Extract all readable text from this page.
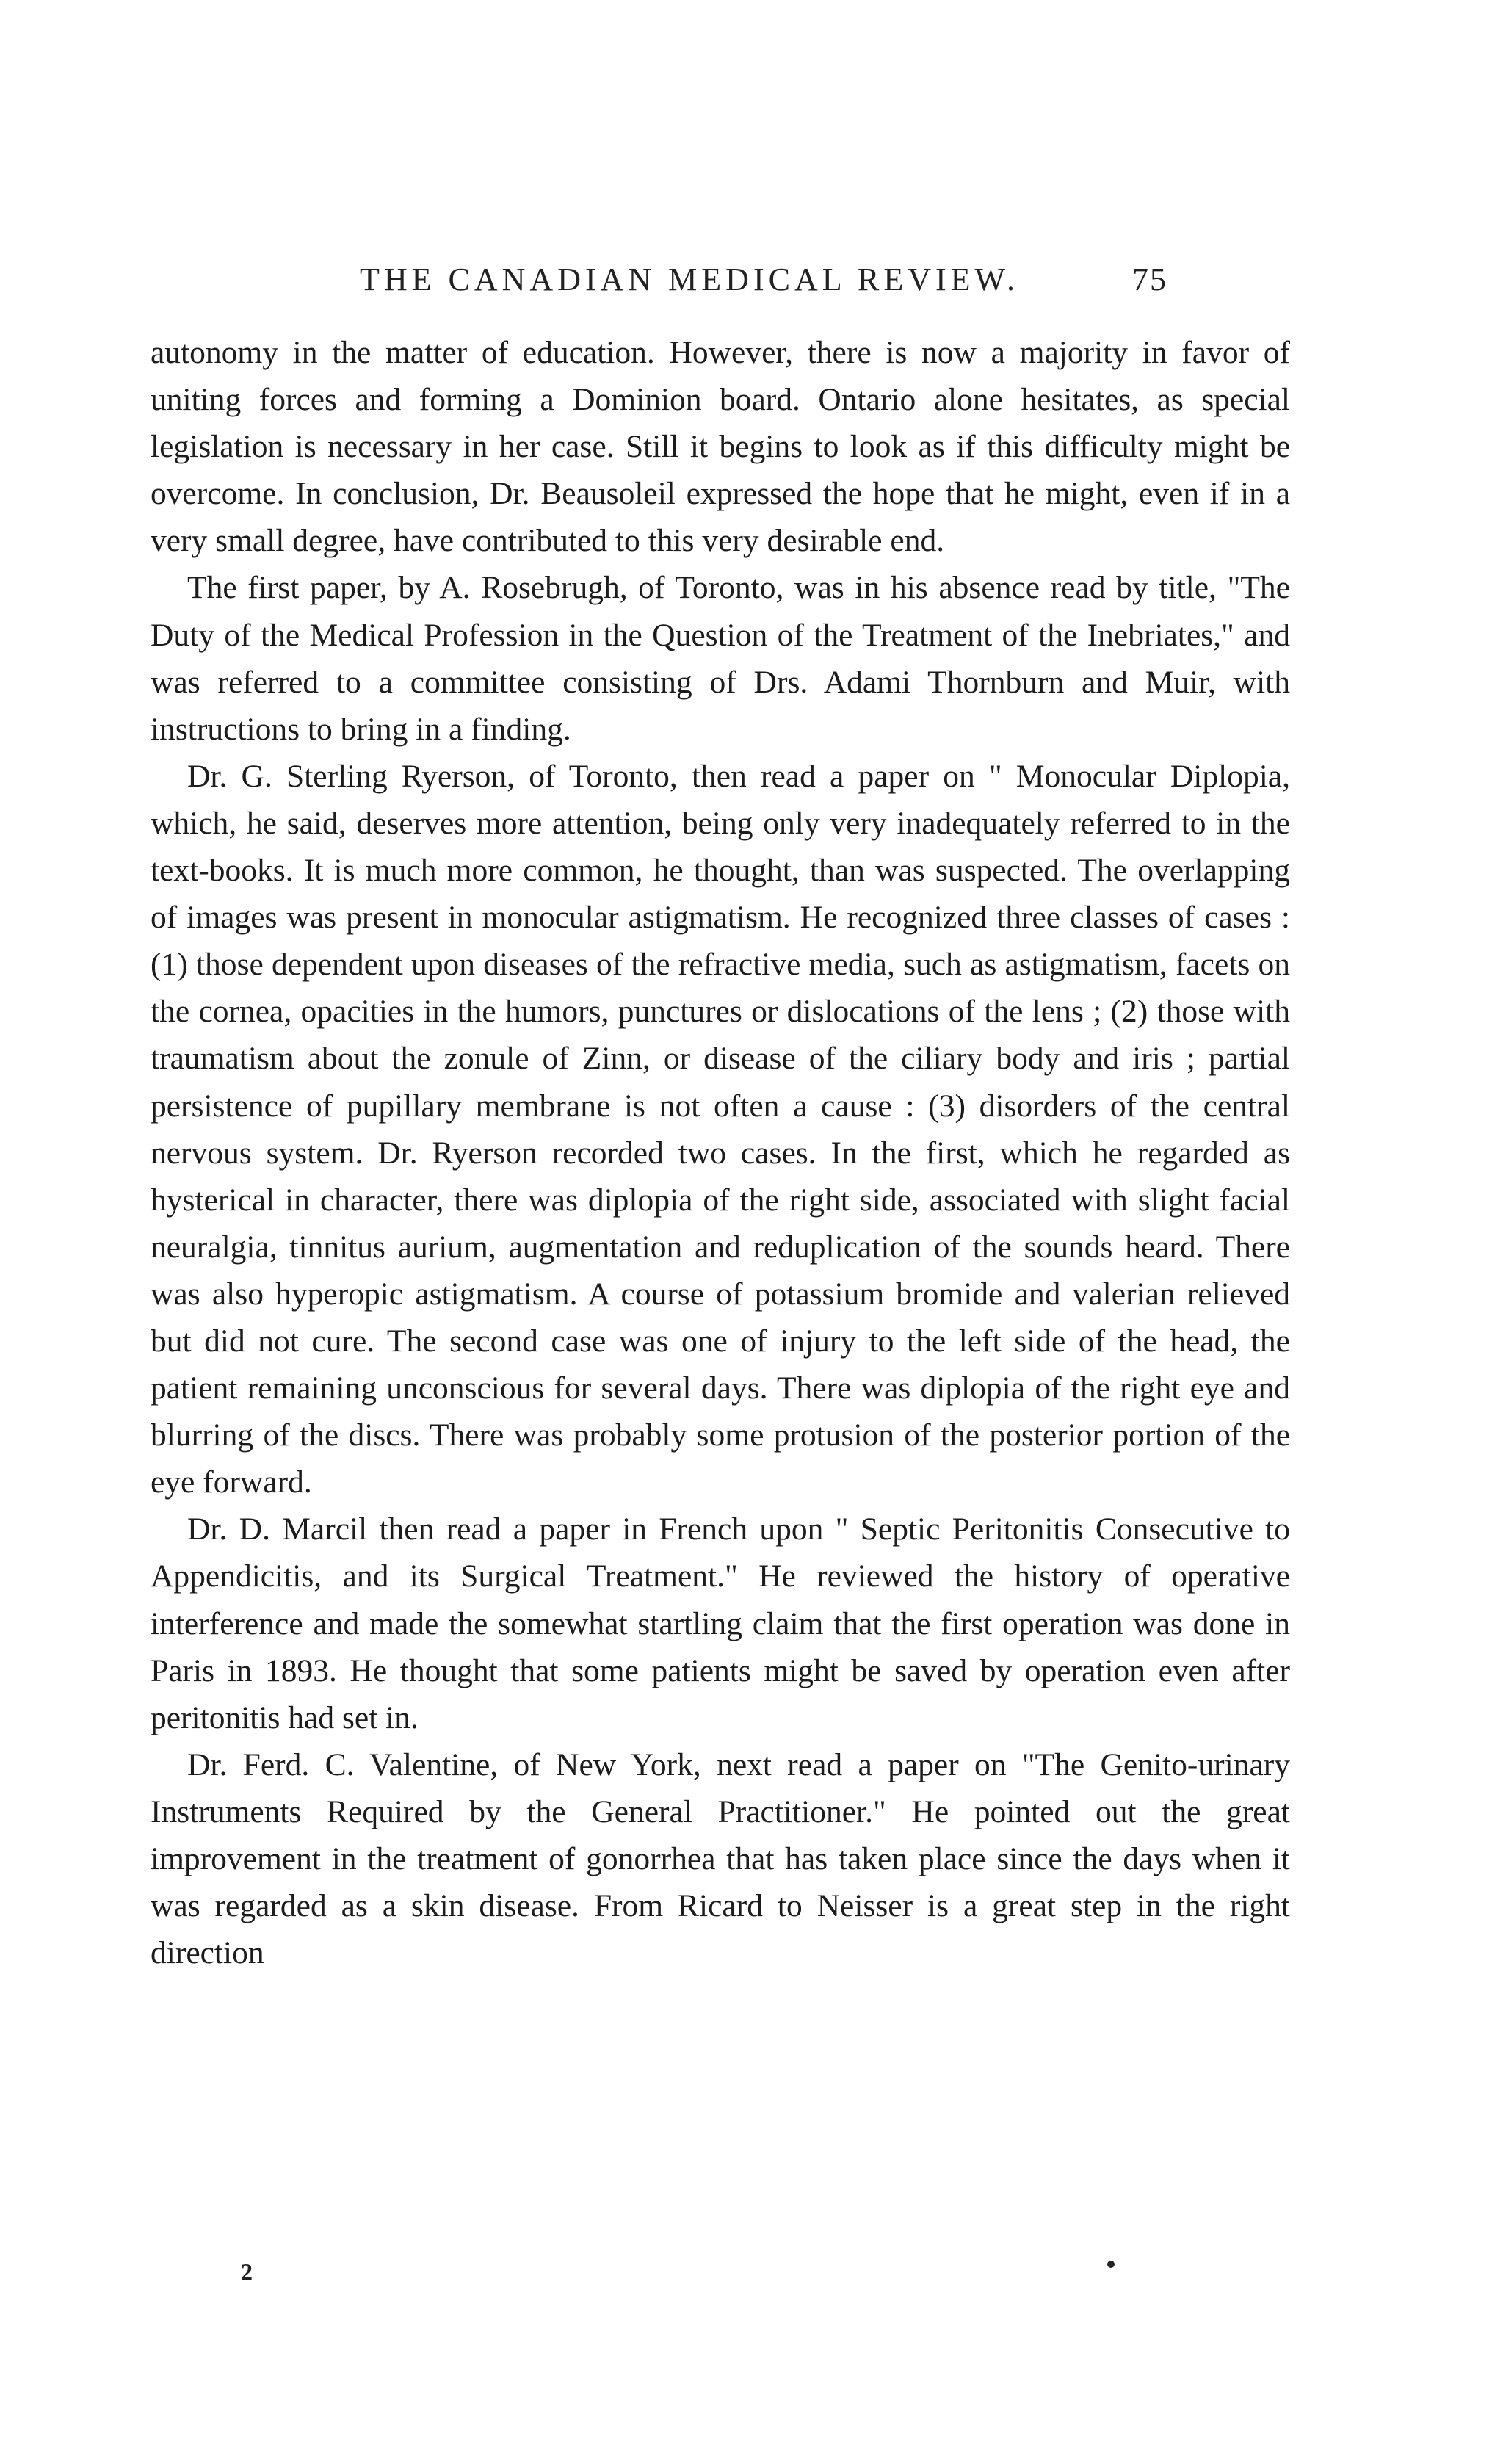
THE CANADIAN MEDICAL REVIEW.	75

autonomy in the matter of education. However, there is now a majority in favor of uniting forces and forming a Dominion board. Ontario alone hesitates, as special legislation is necessary in her case. Still it begins to look as if this difficulty might be overcome. In conclusion, Dr. Beausoleil expressed the hope that he might, even if in a very small degree, have contributed to this very desirable end.

The first paper, by A. Rosebrugh, of Toronto, was in his absence read by title, "The Duty of the Medical Profession in the Question of the Treatment of the Inebriates," and was referred to a committee consisting of Drs. Adami Thornburn and Muir, with instructions to bring in a finding.

Dr. G. Sterling Ryerson, of Toronto, then read a paper on " Monocular Diplopia, which, he said, deserves more attention, being only very inadequately referred to in the text-books. It is much more common, he thought, than was suspected. The overlapping of images was present in monocular astigmatism. He recognized three classes of cases : (1) those dependent upon diseases of the refractive media, such as astigmatism, facets on the cornea, opacities in the humors, punctures or dislocations of the lens ; (2) those with traumatism about the zonule of Zinn, or disease of the ciliary body and iris ; partial persistence of pupillary membrane is not often a cause : (3) disorders of the central nervous system. Dr. Ryerson recorded two cases. In the first, which he regarded as hysterical in character, there was diplopia of the right side, associated with slight facial neuralgia, tinnitus aurium, augmentation and reduplication of the sounds heard. There was also hyperopic astigmatism. A course of potassium bromide and valerian relieved but did not cure. The second case was one of injury to the left side of the head, the patient remaining unconscious for several days. There was diplopia of the right eye and blurring of the discs. There was probably some protusion of the posterior portion of the eye forward.

Dr. D. Marcil then read a paper in French upon " Septic Peritonitis Consecutive to Appendicitis, and its Surgical Treatment." He reviewed the history of operative interference and made the somewhat startling claim that the first operation was done in Paris in 1893. He thought that some patients might be saved by operation even after peritonitis had set in.

Dr. Ferd. C. Valentine, of New York, next read a paper on "The Genito-urinary Instruments Required by the General Practitioner." He pointed out the great improvement in the treatment of gonorrhea that has taken place since the days when it was regarded as a skin disease. From Ricard to Neisser is a great step in the right direction

2
